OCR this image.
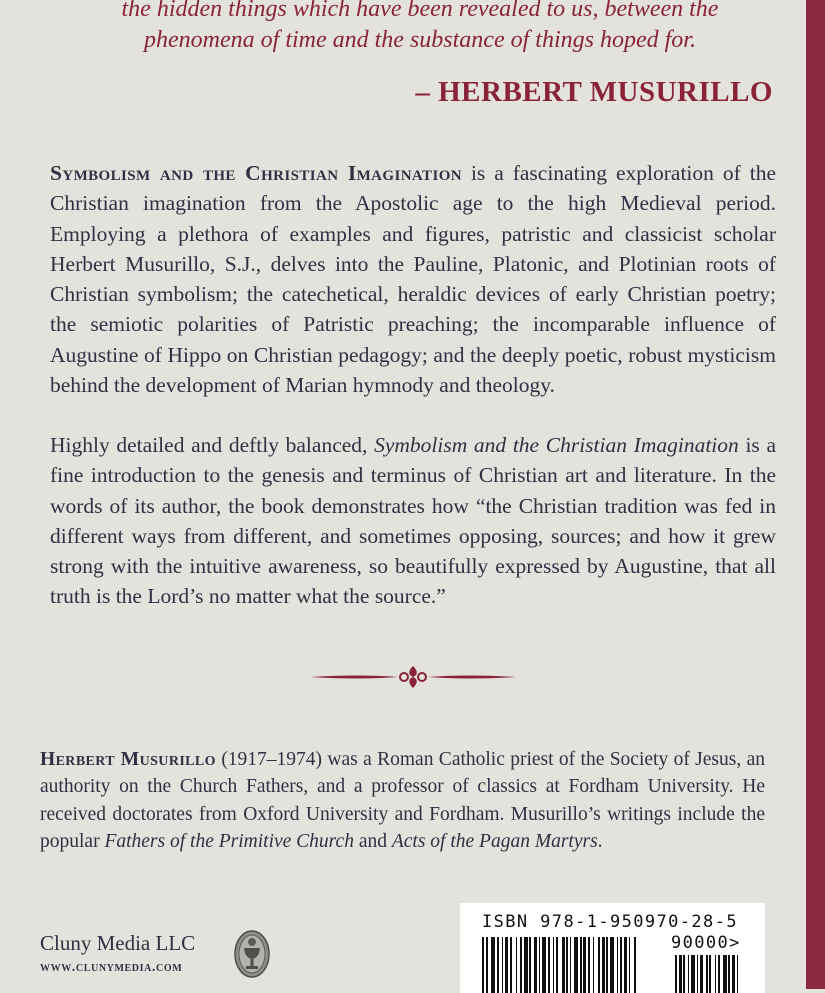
the hidden things which have been revealed to us, between the
phenomena of time and the substance of things hoped for.
– HERBERT MUSURILLO
Symbolism and the Christian Imagination is a fascinating exploration of the Christian imagination from the Apostolic age to the high Medieval period. Employing a plethora of examples and figures, patristic and classicist scholar Herbert Musurillo, S.J., delves into the Pauline, Platonic, and Plotinian roots of Christian symbolism; the catechetical, heraldic devices of early Christian poetry; the semiotic polarities of Patristic preaching; the incomparable influence of Augustine of Hippo on Christian pedagogy; and the deeply poetic, robust mysticism behind the development of Marian hymnody and theology.
Highly detailed and deftly balanced, Symbolism and the Christian Imagination is a fine introduction to the genesis and terminus of Christian art and literature. In the words of its author, the book demonstrates how “the Christian tradition was fed in different ways from different, and sometimes opposing, sources; and how it grew strong with the intuitive awareness, so beautifully expressed by Augustine, that all truth is the Lord’s no matter what the source.”
Herbert Musurillo (1917–1974) was a Roman Catholic priest of the Society of Jesus, an authority on the Church Fathers, and a professor of classics at Fordham University. He received doctorates from Oxford University and Fordham. Musurillo’s writings include the popular Fathers of the Primitive Church and Acts of the Pagan Martyrs.
Cluny Media LLC
www.clunymedia.com
ISBN 978-1-950970-28-5
90000>
